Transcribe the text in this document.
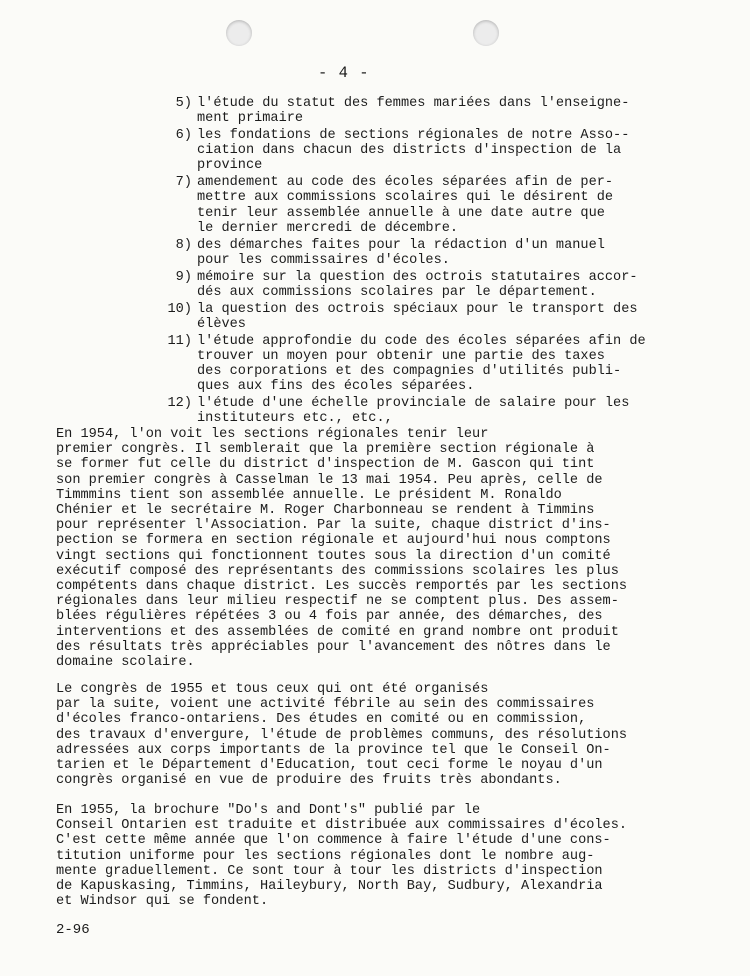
- 4 -
5) l'étude du statut des femmes mariées dans l'enseigne-
ment primaire
6) les fondations de sections régionales de notre Asso--
ciation dans chacun des districts d'inspection de la
province
7) amendement au code des écoles séparées afin de per-
mettre aux commissions scolaires qui le désirent de
tenir leur assemblée annuelle à une date autre que
le dernier mercredi de décembre.
8) des démarches faites pour la rédaction d'un manuel
pour les commissaires d'écoles.
9) mémoire sur la question des octrois statutaires accor-
dés aux commissions scolaires par le département.
10) la question des octrois spéciaux pour le transport des
élèves
11) l'étude approfondie du code des écoles séparées afin de
trouver un moyen pour obtenir une partie des taxes
des corporations et des compagnies d'utilités publi-
ques aux fins des écoles séparées.
12) l'étude d'une échelle provinciale de salaire pour les
instituteurs etc., etc.,
En 1954, l'on voit les sections régionales tenir leur
premier congrès. Il semblerait que la première section régionale à
se former fut celle du district d'inspection de M. Gascon qui tint
son premier congrès à Casselman le 13 mai 1954. Peu après, celle de
Timmmins tient son assemblée annuelle. Le président M. Ronaldo
Chénier et le secrétaire M. Roger Charbonneau se rendent à Timmins
pour représenter l'Association. Par la suite, chaque district d'ins-
pection se formera en section régionale et aujourd'hui nous comptons
vingt sections qui fonctionnent toutes sous la direction d'un comité
exécutif composé des représentants des commissions scolaires les plus
compétents dans chaque district. Les succès remportés par les sections
régionales dans leur milieu respectif ne se comptent plus. Des assem-
blées régulières répétées 3 ou 4 fois par année, des démarches, des
interventions et des assemblées de comité en grand nombre ont produit
des résultats très appréciables pour l'avancement des nôtres dans le
domaine scolaire.
Le congrès de 1955 et tous ceux qui ont été organisés
par la suite, voient une activité fébrile au sein des commissaires
d'écoles franco-ontariens. Des études en comité ou en commission,
des travaux d'envergure, l'étude de problèmes communs, des résolutions
adressées aux corps importants de la province tel que le Conseil On-
tarien et le Département d'Education, tout ceci forme le noyau d'un
congrès organisé en vue de produire des fruits très abondants.
En 1955, la brochure "Do's and Dont's" publié par le
Conseil Ontarien est traduite et distribuée aux commissaires d'écoles.
C'est cette même année que l'on commence à faire l'étude d'une cons-
titution uniforme pour les sections régionales dont le nombre aug-
mente graduellement. Ce sont tour à tour les districts d'inspection
de Kapuskasing, Timmins, Haileybury, North Bay, Sudbury, Alexandria
et Windsor qui se fondent.
2-96
